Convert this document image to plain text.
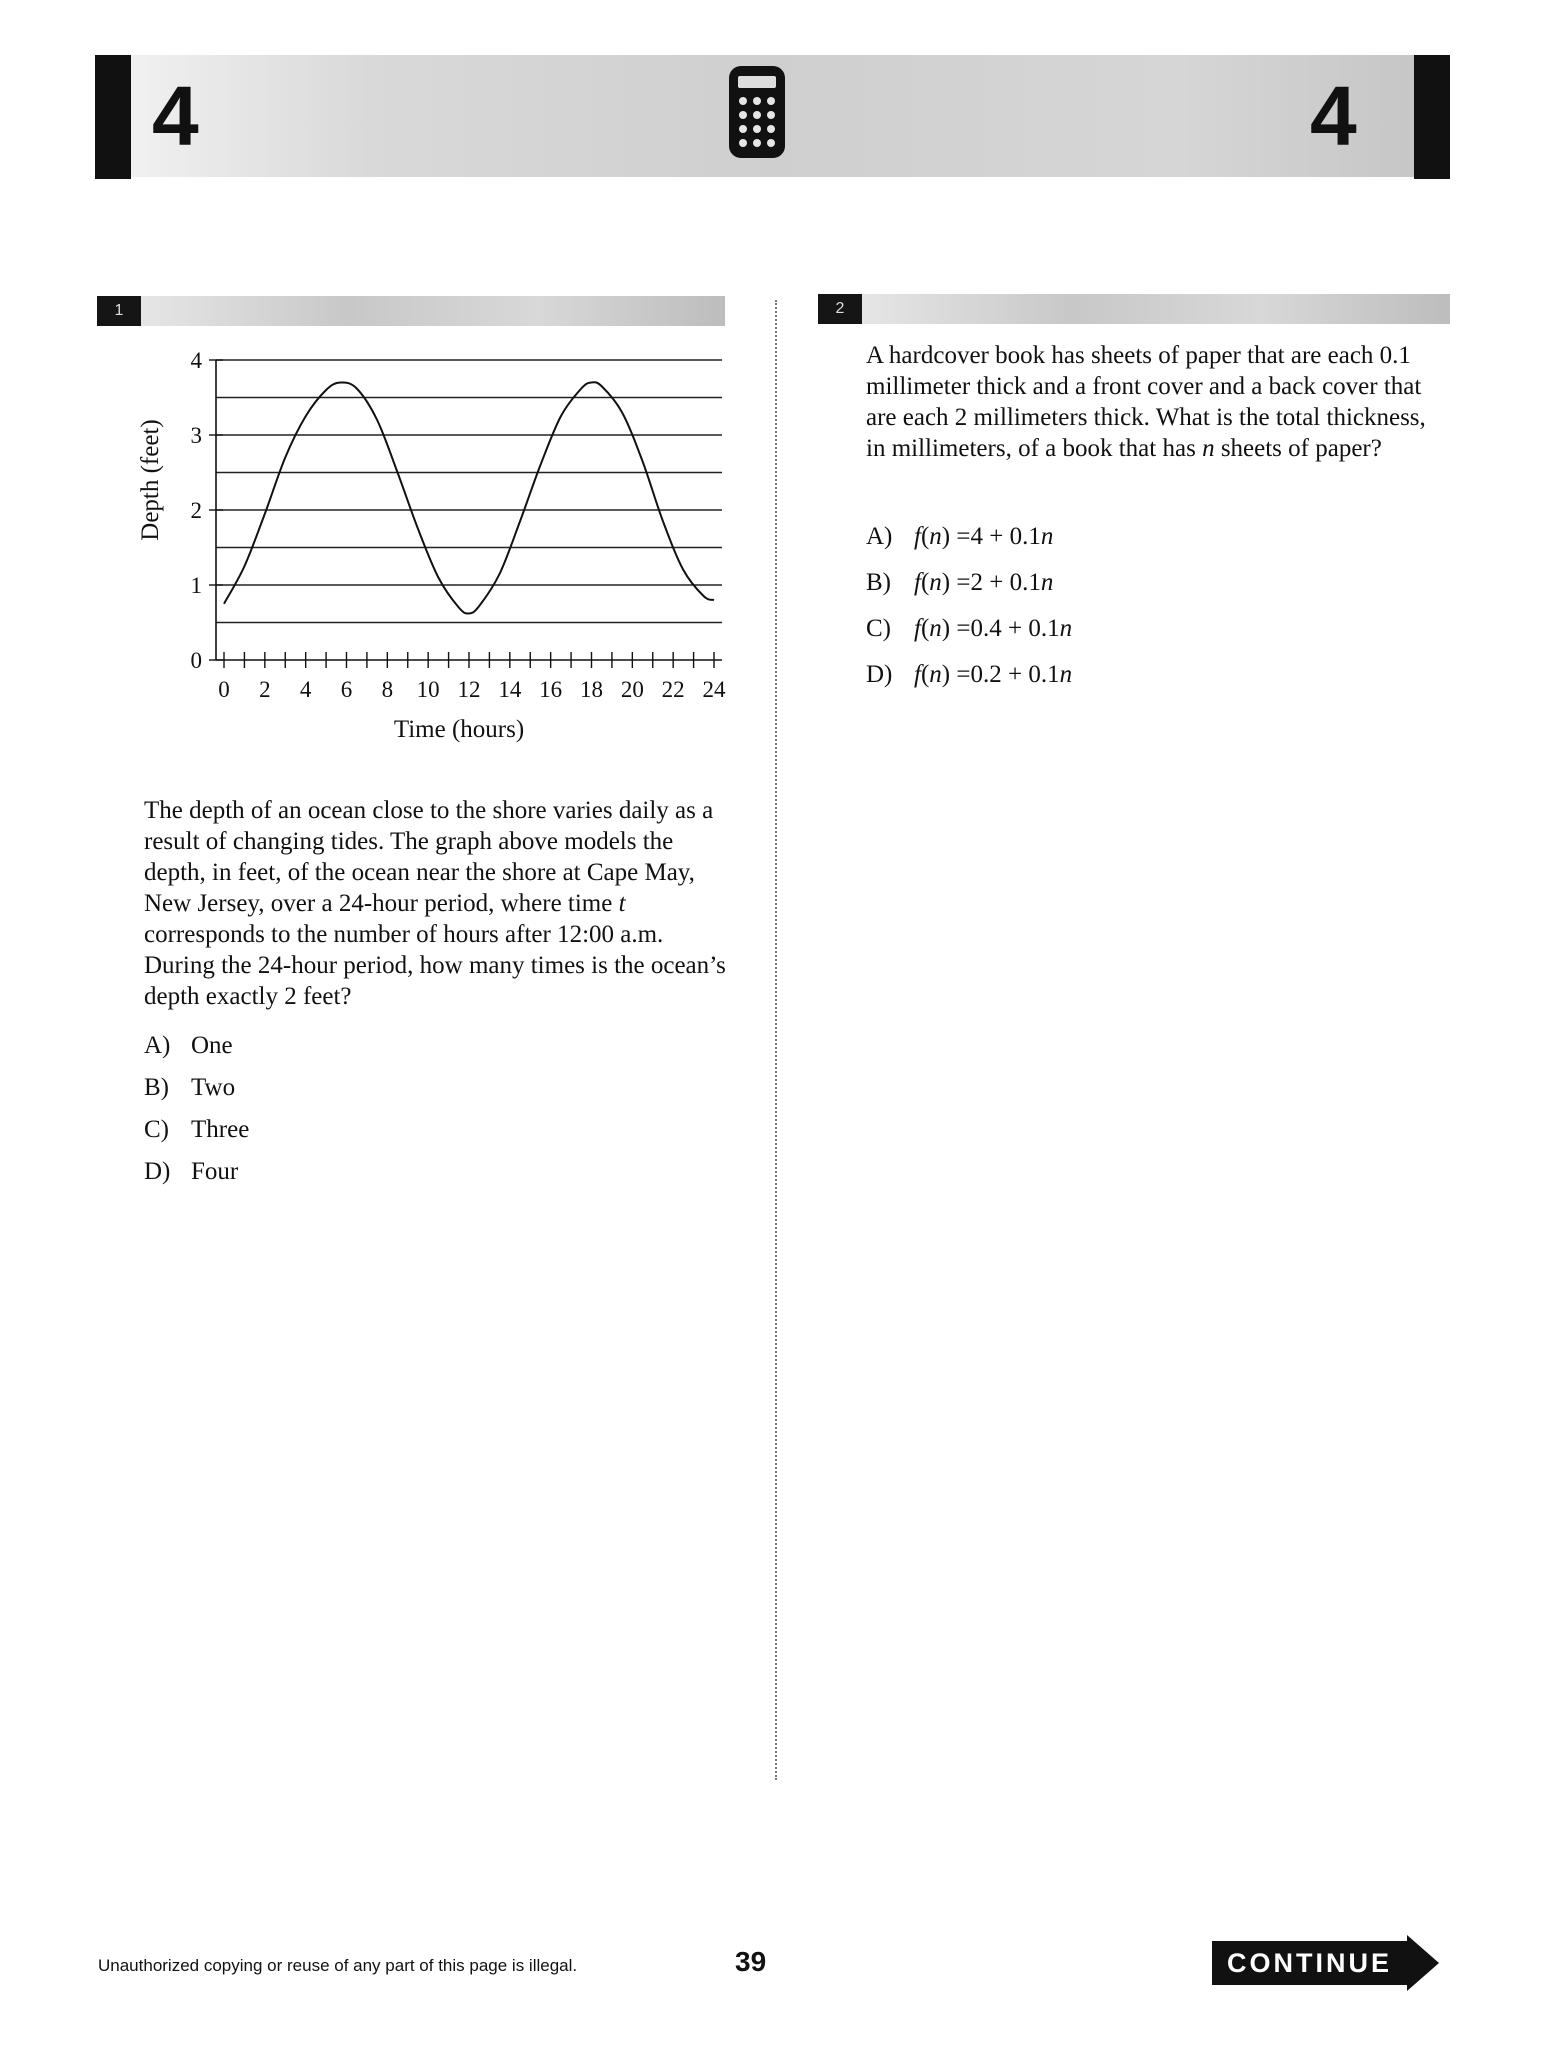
4	4
1	2
0
1
2
3
4
0 2 4 6 8 10 12 14 16 18 20 22 24
Time (hours)
Depth (feet)
The depth of an ocean close to the shore varies daily as a result of changing tides. The graph above models the depth, in feet, of the ocean near the shore at Cape May, New Jersey, over a 24-hour period, where time t corresponds to the number of hours after 12:00 a.m. During the 24-hour period, how many times is the ocean’s depth exactly 2 feet?
A) One
B) Two
C) Three
D) Four
A hardcover book has sheets of paper that are each 0.1 millimeter thick and a front cover and a back cover that are each 2 millimeters thick. What is the total thickness, in millimeters, of a book that has n sheets of paper?
A) f(n) = 4 + 0.1 n
B) f(n) = 2 + 0.1 n
C) f(n) = 0.4 + 0.1 n
D) f(n) = 0.2 + 0.1 n
Unauthorized copying or reuse of any part of this page is illegal.	39	CONTINUE
